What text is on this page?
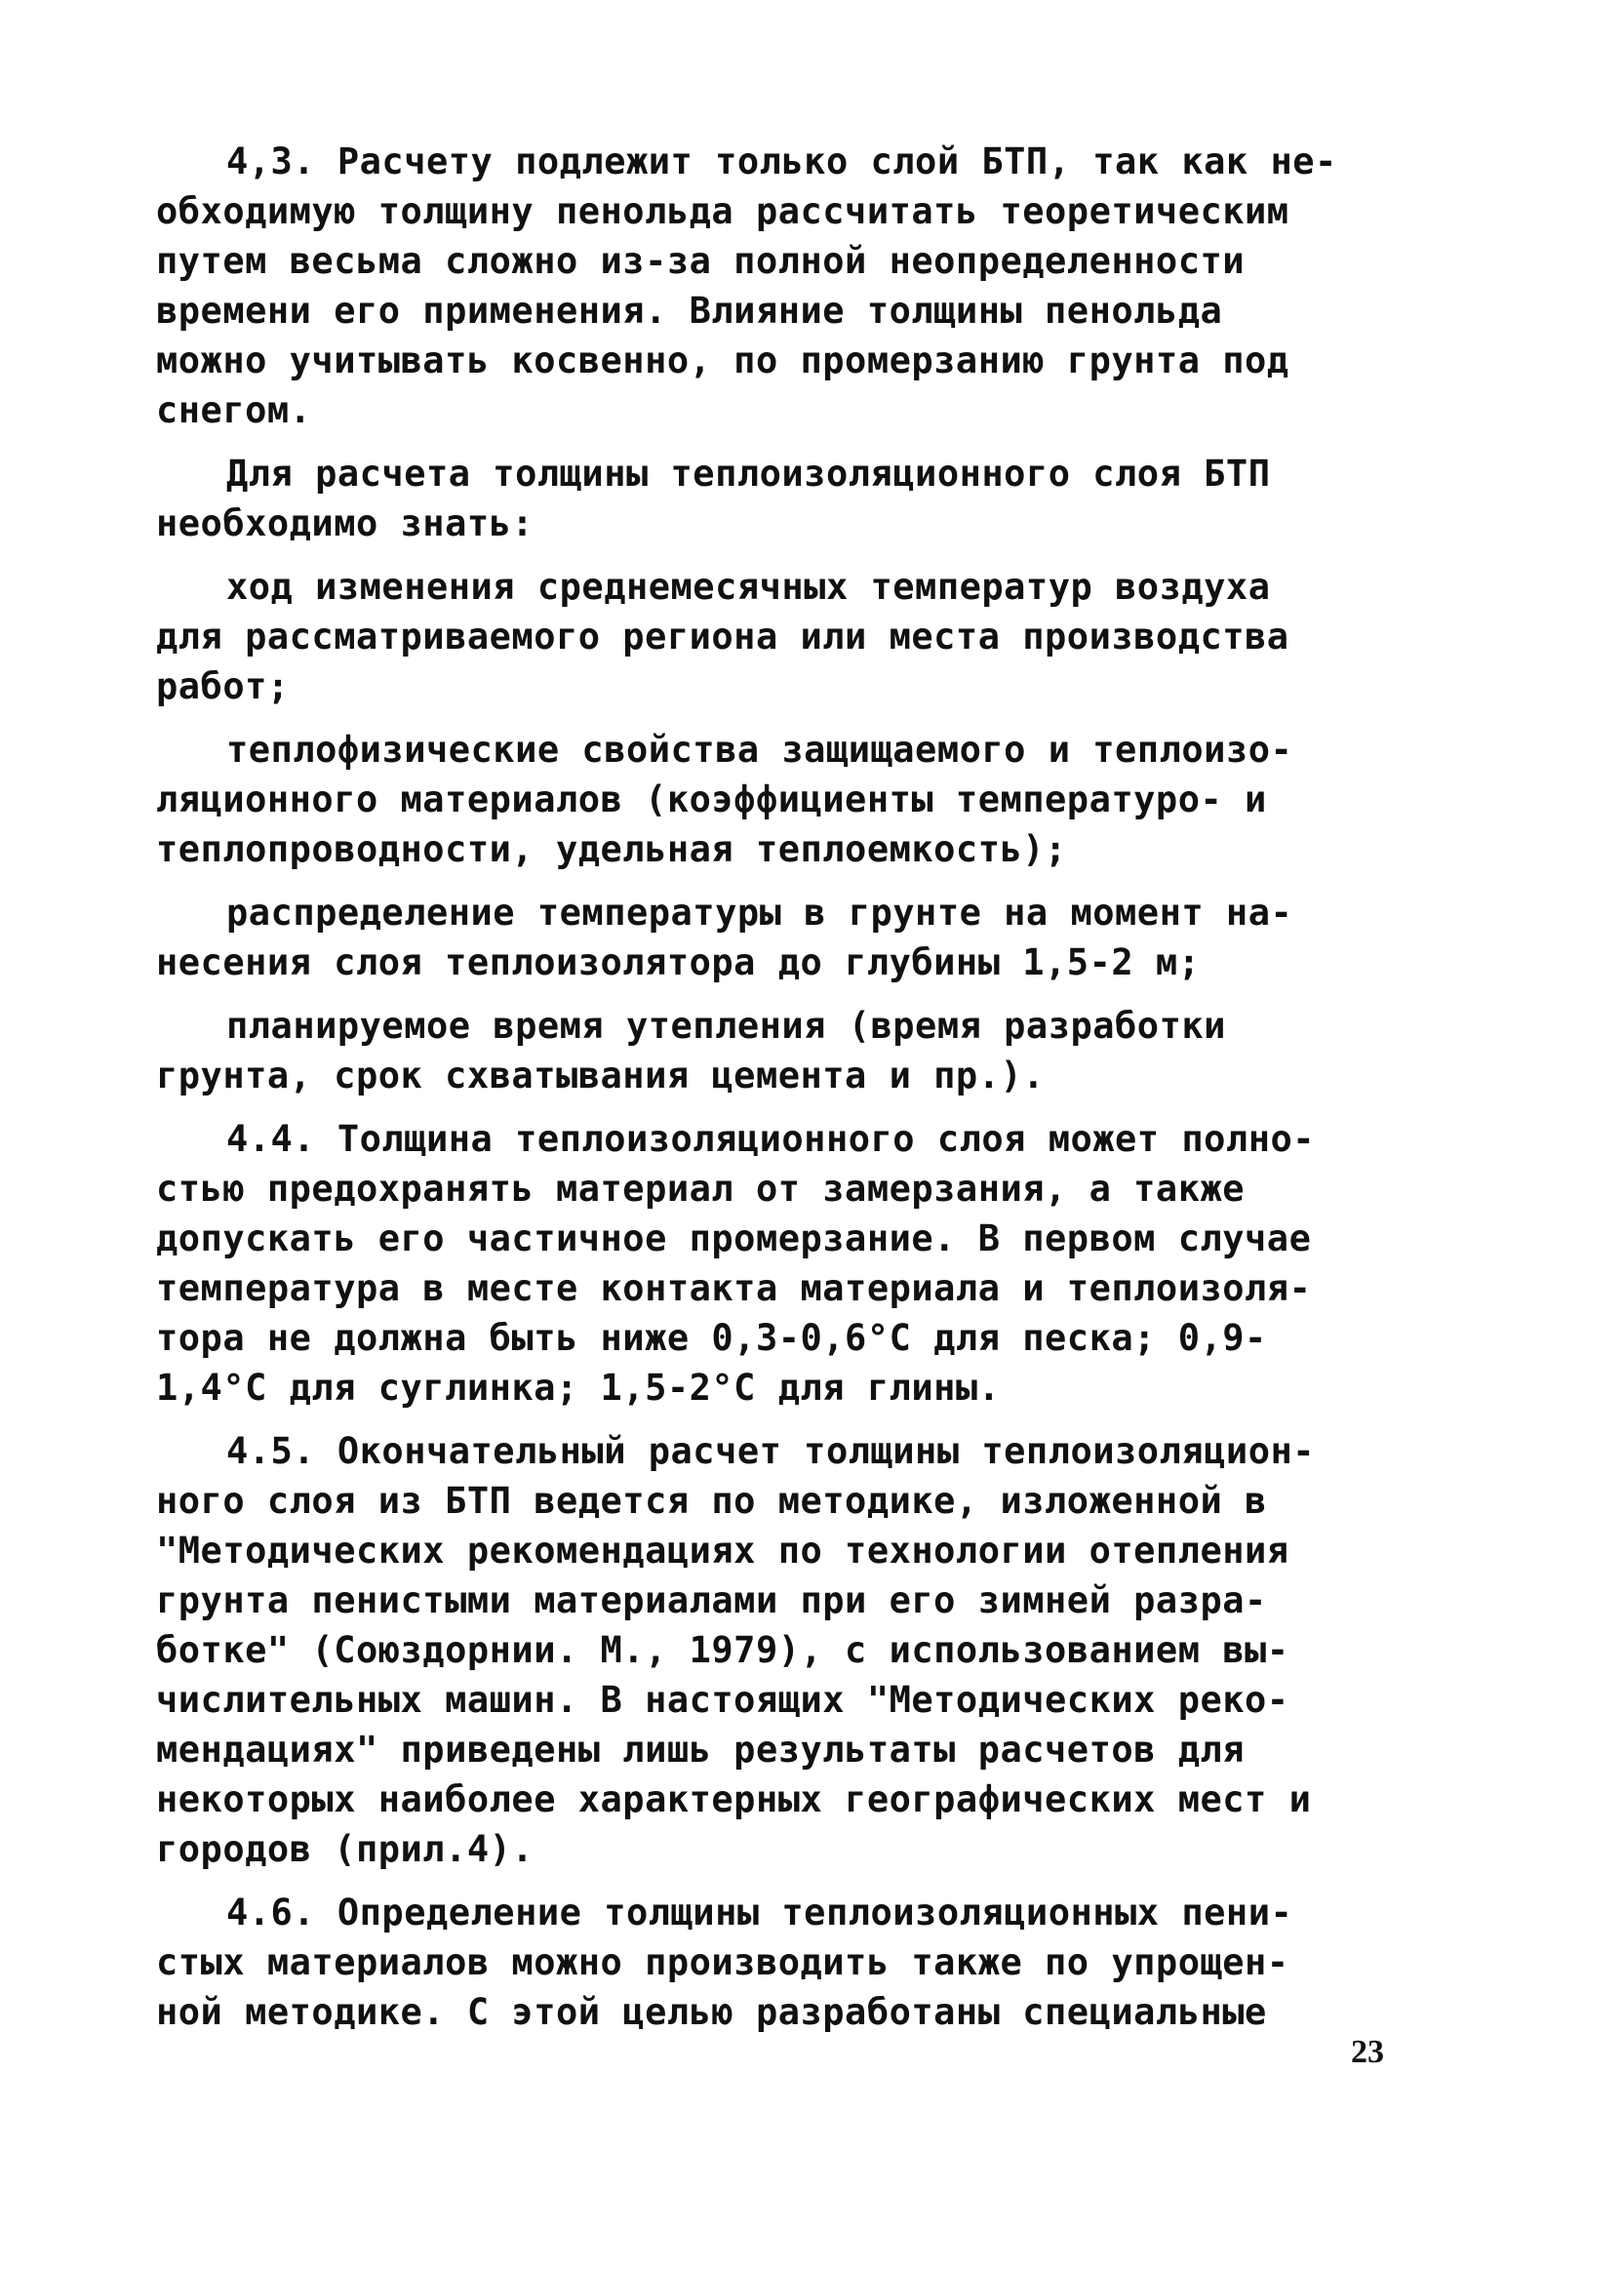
4,3. Расчету подлежит только слой БТП, так как не-
обходимую толщину пенольда рассчитать теоретическим
путем весьма сложно из-за полной неопределенности
времени его применения. Влияние толщины пенольда
можно учитывать косвенно, по промерзанию грунта под
снегом.
Для расчета толщины теплоизоляционного слоя БТП
необходимо знать:
ход изменения среднемесячных температур воздуха
для рассматриваемого региона или места производства
работ;
теплофизические свойства защищаемого и теплоизо-
ляционного материалов (коэффициенты температуро- и
теплопроводности, удельная теплоемкость);
распределение температуры в грунте на момент на-
несения слоя теплоизолятора до глубины 1,5-2 м;
планируемое время утепления (время разработки
грунта, срок схватывания цемента и пр.).
4.4. Толщина теплоизоляционного слоя может полно-
стью предохранять материал от замерзания, а также
допускать его частичное промерзание. В первом случае
температура в месте контакта материала и теплоизоля-
тора не должна быть ниже 0,3-0,6°С для песка; 0,9-
1,4°С для суглинка; 1,5-2°С для глины.
4.5. Окончательный расчет толщины теплоизоляцион-
ного слоя из БТП ведется по методике, изложенной в
"Методических рекомендациях по технологии отепления
грунта пенистыми материалами при его зимней разра-
ботке" (Союздорнии. М., 1979), с использованием вы-
числительных машин. В настоящих "Методических реко-
мендациях" приведены лишь результаты расчетов для
некоторых наиболее характерных географических мест и
городов (прил.4).
4.6. Определение толщины теплоизоляционных пени-
стых материалов можно производить также по упрощен-
ной методике. С этой целью разработаны специальные
23
